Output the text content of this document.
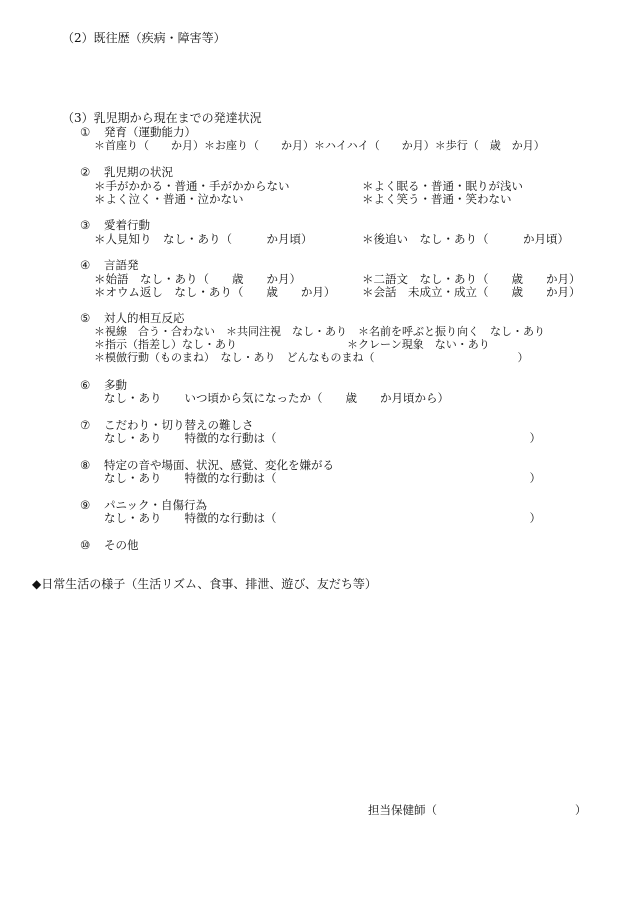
（2）既往歴（疾病・障害等）
（3）乳児期から現在までの発達状況
① 発育（運動能力）
＊首座り（　　か月）＊お座り（　　か月）＊ハイハイ（　　か月）＊歩行（　歳　か月）
② 乳児期の状況
＊手がかかる・普通・手がかからない
＊よく泣く・普通・泣かない
＊よく眠る・普通・眠りが浅い
＊よく笑う・普通・笑わない
③ 愛着行動
＊人見知り　なし・あり（　　　か月頃）	＊後追い　なし・あり（　　　か月頃）
④ 言語発
＊始語　なし・あり（　　歳　　か月）
＊オウム返し　なし・あり（　　歳　　か月）
＊二語文　なし・あり（　　歳　　か月）
＊会話　未成立・成立（　　歳　　か月）
⑤ 対人的相互反応
＊視線　合う・合わない　＊共同注視　なし・あり　＊名前を呼ぶと振り向く　なし・あり
＊指示（指差し）なし・あり　　　　　　　　　　＊クレーン現象　ない・あり
＊模倣行動（ものまね）　なし・あり　どんなものまね（　　　　　　　　　　　　　）
⑥ 多動
なし・あり　　いつ頃から気になったか（　　歳　　か月頃から）
⑦ こだわり・切り替えの難しさ
なし・あり　　特徴的な行動は（　　　　　　　　　　　　　　　　　　　　　　）
⑧ 特定の音や場面、状況、感覚、変化を嫌がる
なし・あり　　特徴的な行動は（　　　　　　　　　　　　　　　　　　　　　　）
⑨ パニック・自傷行為
なし・あり　　特徴的な行動は（　　　　　　　　　　　　　　　　　　　　　　）
⑩ その他
◆日常生活の様子（生活リズム、食事、排泄、遊び、友だち等）
担当保健師（　　　　　　　　　　　　）
